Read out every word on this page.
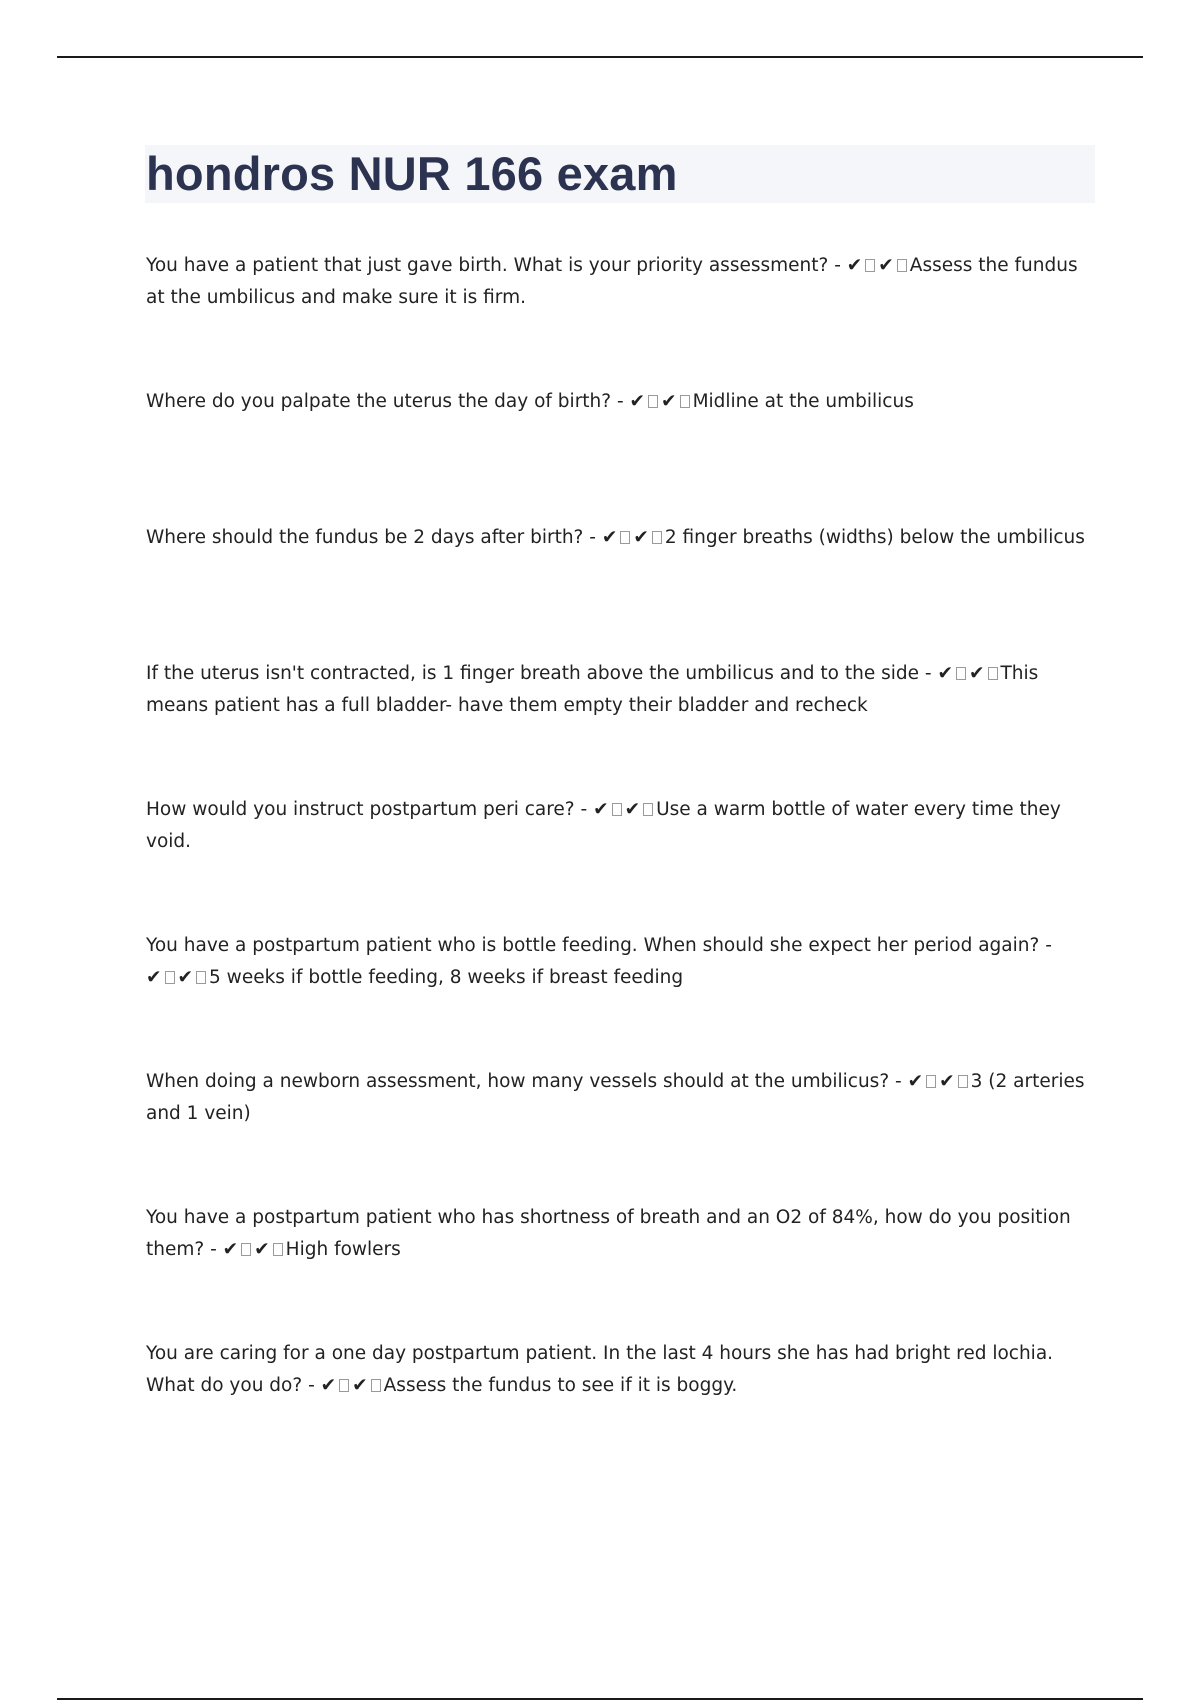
hondros NUR 166 exam

You have a patient that just gave birth. What is your priority assessment? - ✔ ✔ Assess the fundus at the umbilicus and make sure it is firm.

Where do you palpate the uterus the day of birth? - ✔ ✔ Midline at the umbilicus

Where should the fundus be 2 days after birth? - ✔ ✔ 2 finger breaths (widths) below the umbilicus

If the uterus isn't contracted, is 1 finger breath above the umbilicus and to the side - ✔ ✔ This means patient has a full bladder- have them empty their bladder and recheck

How would you instruct postpartum peri care? - ✔ ✔ Use a warm bottle of water every time they void.

You have a postpartum patient who is bottle feeding. When should she expect her period again? - ✔ ✔ 5 weeks if bottle feeding, 8 weeks if breast feeding

When doing a newborn assessment, how many vessels should at the umbilicus? - ✔ ✔ 3 (2 arteries and 1 vein)

You have a postpartum patient who has shortness of breath and an O2 of 84%, how do you position them? - ✔ ✔ High fowlers

You are caring for a one day postpartum patient. In the last 4 hours she has had bright red lochia. What do you do? - ✔ ✔ Assess the fundus to see if it is boggy.
